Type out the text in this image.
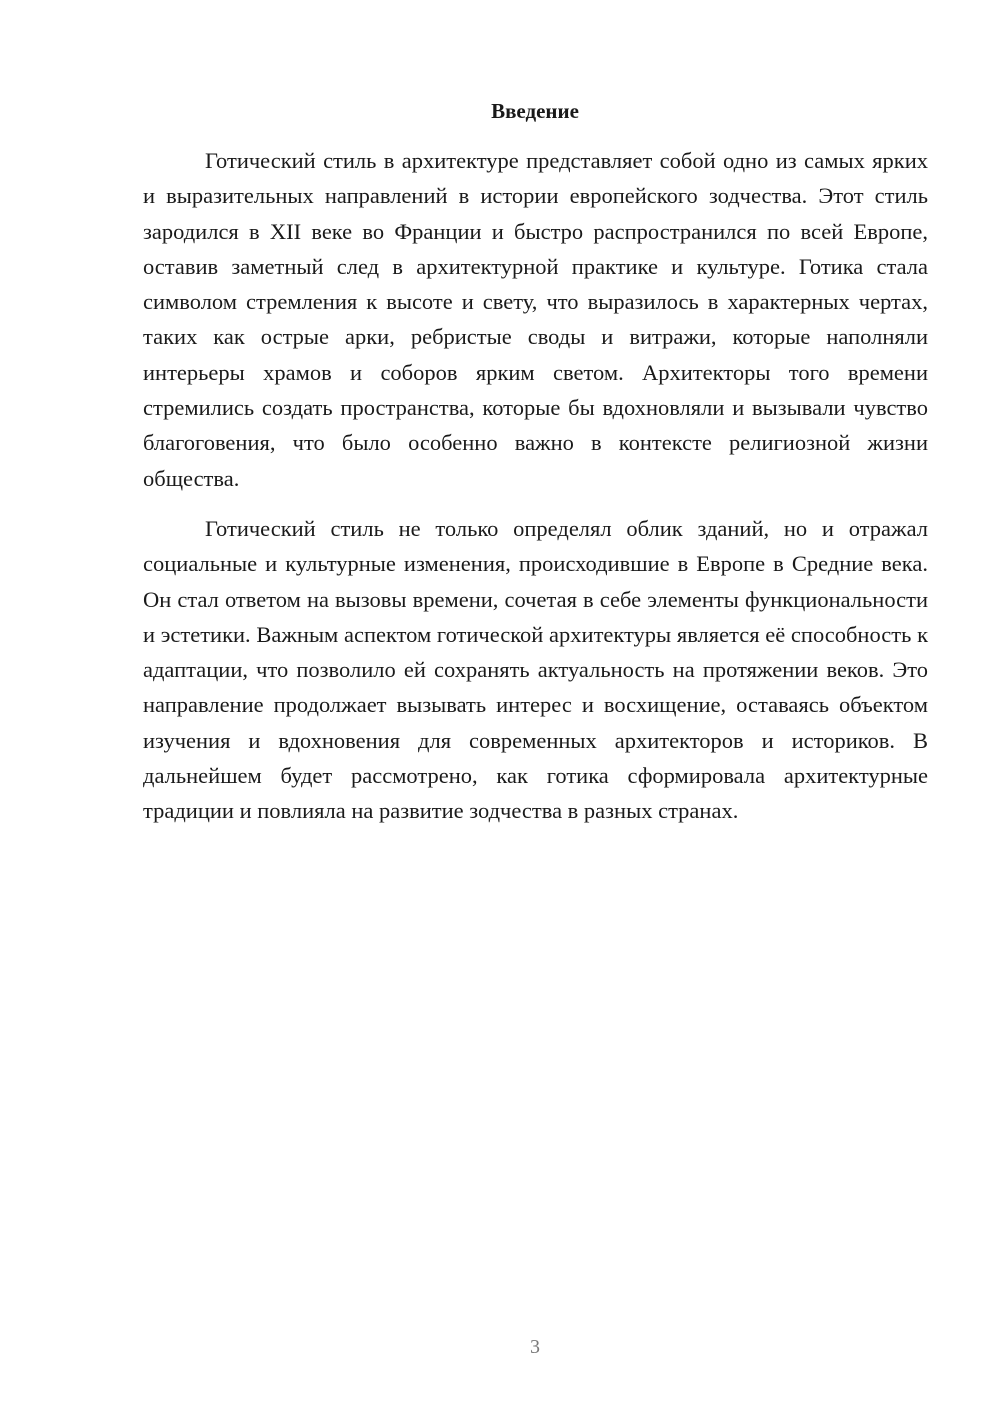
Введение

Готический стиль в архитектуре представляет собой одно из самых ярких и выразительных направлений в истории европейского зодчества. Этот стиль зародился в XII веке во Франции и быстро распространился по всей Европе, оставив заметный след в архитектурной практике и культуре. Готика стала символом стремления к высоте и свету, что выразилось в характерных чертах, таких как острые арки, ребристые своды и витражи, которые наполняли интерьеры храмов и соборов ярким светом. Архитекторы того времени стремились создать пространства, которые бы вдохновляли и вызывали чувство благоговения, что было особенно важно в контексте религиозной жизни общества.

Готический стиль не только определял облик зданий, но и отражал социальные и культурные изменения, происходившие в Европе в Средние века. Он стал ответом на вызовы времени, сочетая в себе элементы функциональности и эстетики. Важным аспектом готической архитектуры является её способность к адаптации, что позволило ей сохранять актуальность на протяжении веков. Это направление продолжает вызывать интерес и восхищение, оставаясь объектом изучения и вдохновения для современных архитекторов и историков. В дальнейшем будет рассмотрено, как готика сформировала архитектурные традиции и повлияла на развитие зодчества в разных странах.

3
